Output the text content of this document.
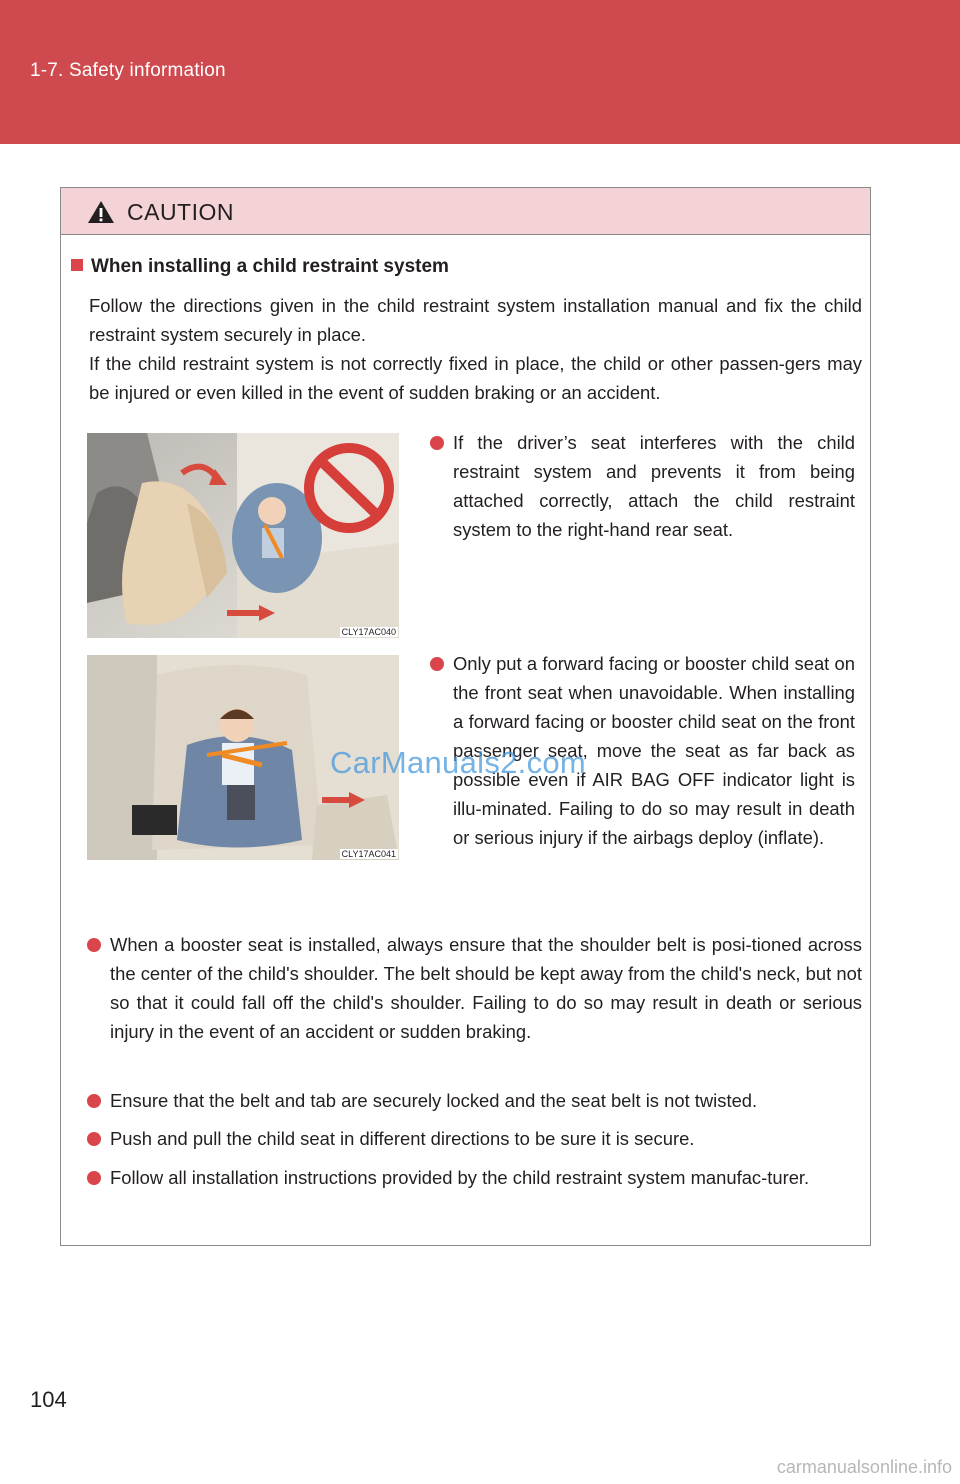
1-7. Safety information
CAUTION
When installing a child restraint system

Follow the directions given in the child restraint system installation manual and fix the child restraint system securely in place.

If the child restraint system is not correctly fixed in place, the child or other passen-gers may be injured or even killed in the event of sudden braking or an accident.

CLY17AC040
CLY17AC041

If the driver’s seat interferes with the child restraint system and prevents it from being attached correctly, attach the child restraint system to the right-hand rear seat.

Only put a forward facing or booster child seat on the front seat when unavoidable. When installing a forward facing or booster child seat on the front passenger seat, move the seat as far back as possible even if AIR BAG OFF indicator light is illu-minated. Failing to do so may result in death or serious injury if the airbags deploy (inflate).

When a booster seat is installed, always ensure that the shoulder belt is posi-tioned across the center of the child's shoulder. The belt should be kept away from the child's neck, but not so that it could fall off the child's shoulder. Failing to do so may result in death or serious injury in the event of an accident or sudden braking.

Ensure that the belt and tab are securely locked and the seat belt is not twisted.

Push and pull the child seat in different directions to be sure it is secure.

Follow all installation instructions provided by the child restraint system manufac-turer.

CarManuals2.com
104
carmanualsonline.info
